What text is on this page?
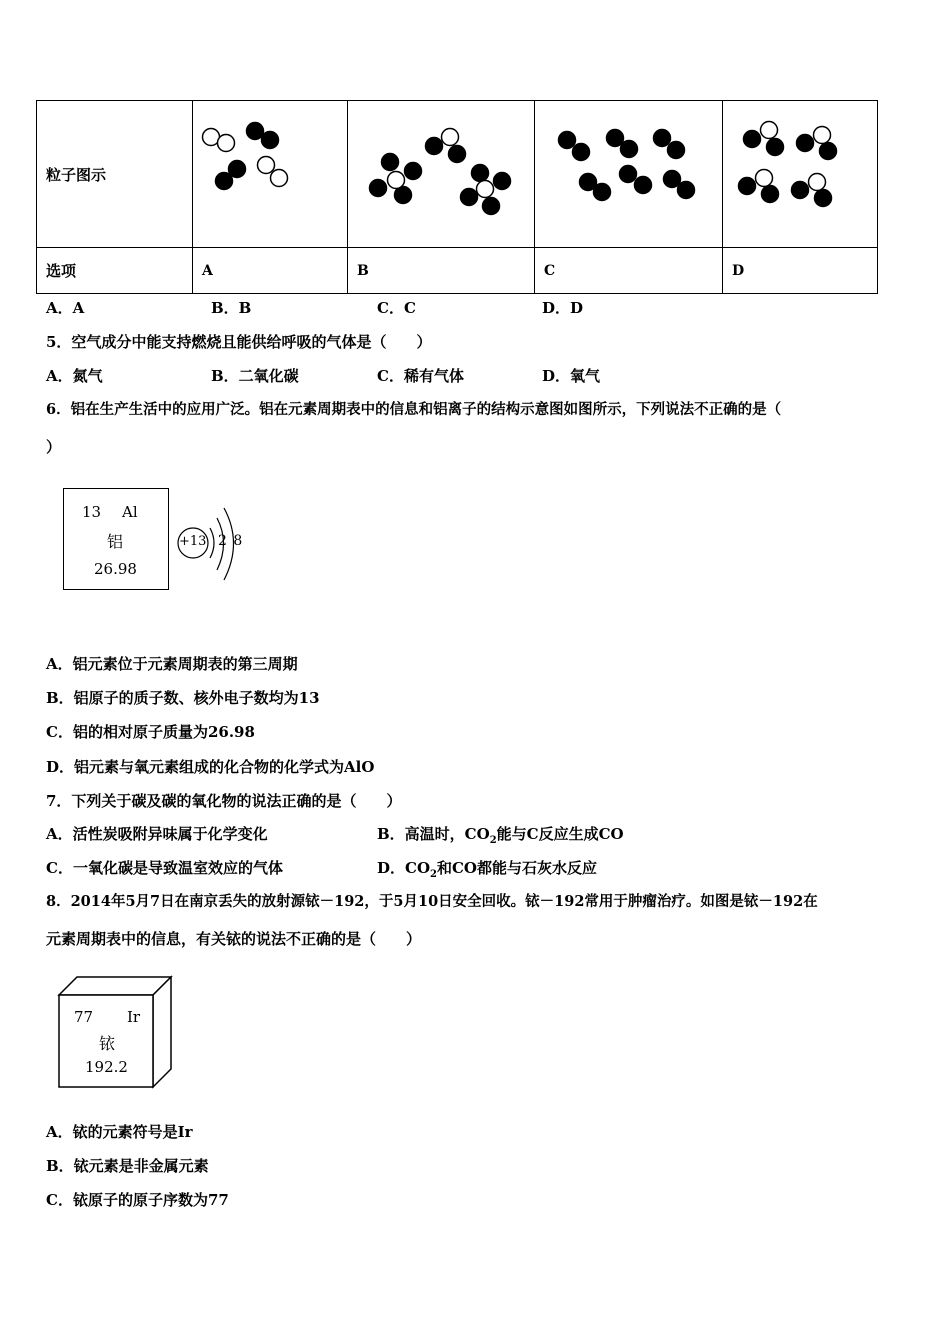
粒子图示	

选项	A	B	C	D
A．A	B．B	C．C	D．D
5．空气成分中能支持燃烧且能供给呼吸的气体是（　　）
A．氮气	B．二氧化碳	C．稀有气体	D．氧气
6．铝在生产生活中的应用广泛。铝在元素周期表中的信息和铝离子的结构示意图如图所示，下列说法不正确的是（
）
13 Al
铝
26.98
+13 2 8
A．铝元素位于元素周期表的第三周期
B．铝原子的质子数、核外电子数均为13
C．铝的相对原子质量为26.98
D．铝元素与氧元素组成的化合物的化学式为AlO
7．下列关于碳及碳的氧化物的说法正确的是（　　）
A．活性炭吸附异味属于化学变化	B．高温时，$CO_2$能与C反应生成CO
C．一氧化碳是导致温室效应的气体	D．$CO_2$和CO都能与石灰水反应
8．2014年5月7日在南京丢失的放射源铱－192，于5月10日安全回收。铱－192常用于肿瘤治疗。如图是铱－192在
元素周期表中的信息，有关铱的说法不正确的是（　　）
77 Ir
铱
192.2
A．铱的元素符号是Ir
B．铱元素是非金属元素
C．铱原子的原子序数为77
